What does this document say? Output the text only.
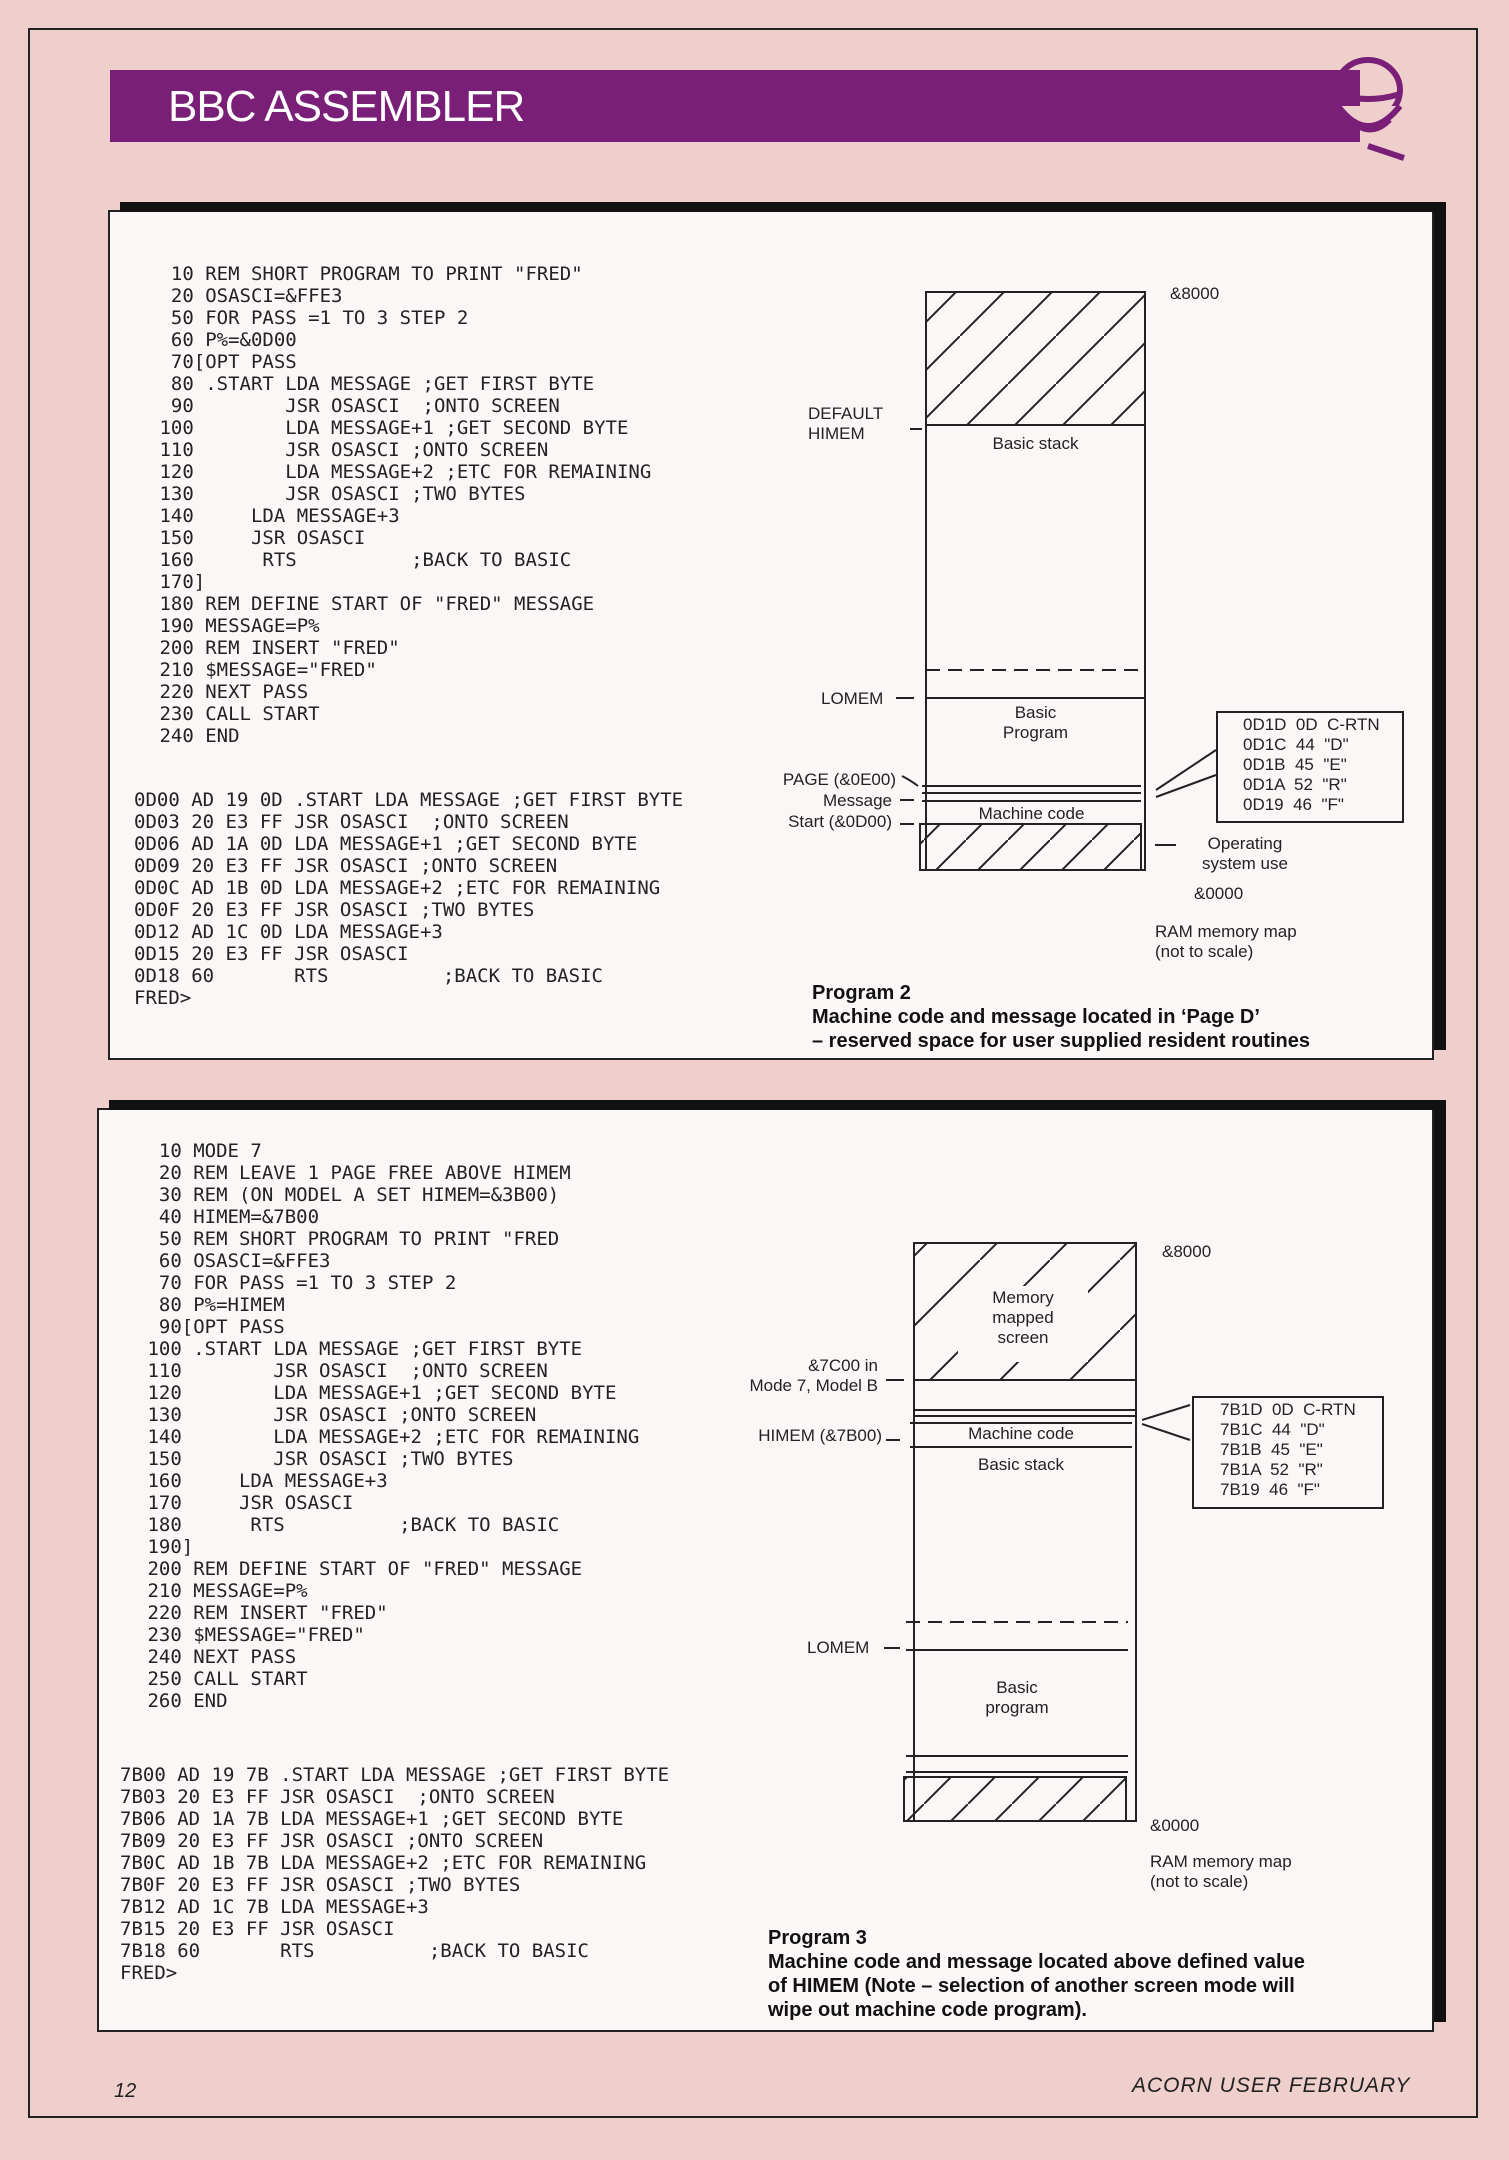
BBC ASSEMBLER
10 REM SHORT PROGRAM TO PRINT "FRED"
20 OSASCI=&FFE3
50 FOR PASS =1 TO 3 STEP 2
60 P%=&0D00
70[OPT PASS
80 .START LDA MESSAGE ;GET FIRST BYTE
90        JSR OSASCI  ;ONTO SCREEN
100        LDA MESSAGE+1 ;GET SECOND BYTE
110        JSR OSASCI ;ONTO SCREEN
120        LDA MESSAGE+2 ;ETC FOR REMAINING
130        JSR OSASCI ;TWO BYTES
140     LDA MESSAGE+3
150     JSR OSASCI
160      RTS          ;BACK TO BASIC
170]
180 REM DEFINE START OF "FRED" MESSAGE
190 MESSAGE=P%
200 REM INSERT "FRED"
210 $MESSAGE="FRED"
220 NEXT PASS
230 CALL START
240 END
0D00 AD 19 0D .START LDA MESSAGE ;GET FIRST BYTE
0D03 20 E3 FF JSR OSASCI  ;ONTO SCREEN
0D06 AD 1A 0D LDA MESSAGE+1 ;GET SECOND BYTE
0D09 20 E3 FF JSR OSASCI ;ONTO SCREEN
0D0C AD 1B 0D LDA MESSAGE+2 ;ETC FOR REMAINING
0D0F 20 E3 FF JSR OSASCI ;TWO BYTES
0D12 AD 1C 0D LDA MESSAGE+3
0D15 20 E3 FF JSR OSASCI
0D18 60       RTS          ;BACK TO BASIC
FRED>
&8000
DEFAULT
HIMEM
Basic stack
LOMEM
Basic
Program
PAGE (&0E00)
Message
Start (&0D00)	Machine code
Operating
system use
&0000
RAM memory map
(not to scale)
0D1D  0D  C-RTN
0D1C  44  "D"
0D1B  45  "E"
0D1A  52  "R"
0D19  46  "F"
Program 2
Machine code and message located in ‘Page D’
– reserved space for user supplied resident routines
10 MODE 7
20 REM LEAVE 1 PAGE FREE ABOVE HIMEM
30 REM (ON MODEL A SET HIMEM=&3B00)
40 HIMEM=&7B00
50 REM SHORT PROGRAM TO PRINT "FRED
60 OSASCI=&FFE3
70 FOR PASS =1 TO 3 STEP 2
80 P%=HIMEM
90[OPT PASS
100 .START LDA MESSAGE ;GET FIRST BYTE
110        JSR OSASCI  ;ONTO SCREEN
120        LDA MESSAGE+1 ;GET SECOND BYTE
130        JSR OSASCI ;ONTO SCREEN
140        LDA MESSAGE+2 ;ETC FOR REMAINING
150        JSR OSASCI ;TWO BYTES
160     LDA MESSAGE+3
170     JSR OSASCI
180      RTS          ;BACK TO BASIC
190]
200 REM DEFINE START OF "FRED" MESSAGE
210 MESSAGE=P%
220 REM INSERT "FRED"
230 $MESSAGE="FRED"
240 NEXT PASS
250 CALL START
260 END
7B00 AD 19 7B .START LDA MESSAGE ;GET FIRST BYTE
7B03 20 E3 FF JSR OSASCI  ;ONTO SCREEN
7B06 AD 1A 7B LDA MESSAGE+1 ;GET SECOND BYTE
7B09 20 E3 FF JSR OSASCI ;ONTO SCREEN
7B0C AD 1B 7B LDA MESSAGE+2 ;ETC FOR REMAINING
7B0F 20 E3 FF JSR OSASCI ;TWO BYTES
7B12 AD 1C 7B LDA MESSAGE+3
7B15 20 E3 FF JSR OSASCI
7B18 60       RTS          ;BACK TO BASIC
FRED>
&8000
Memory
mapped
screen
&7C00 in
Mode 7, Model B
HIMEM (&7B00)	Machine code
Basic stack
LOMEM
Basic
program
&0000
RAM memory map
(not to scale)
7B1D  0D  C-RTN
7B1C  44  "D"
7B1B  45  "E"
7B1A  52  "R"
7B19  46  "F"
Program 3
Machine code and message located above defined value
of HIMEM (Note – selection of another screen mode will
wipe out machine code program).
12	ACORN USER FEBRUARY
